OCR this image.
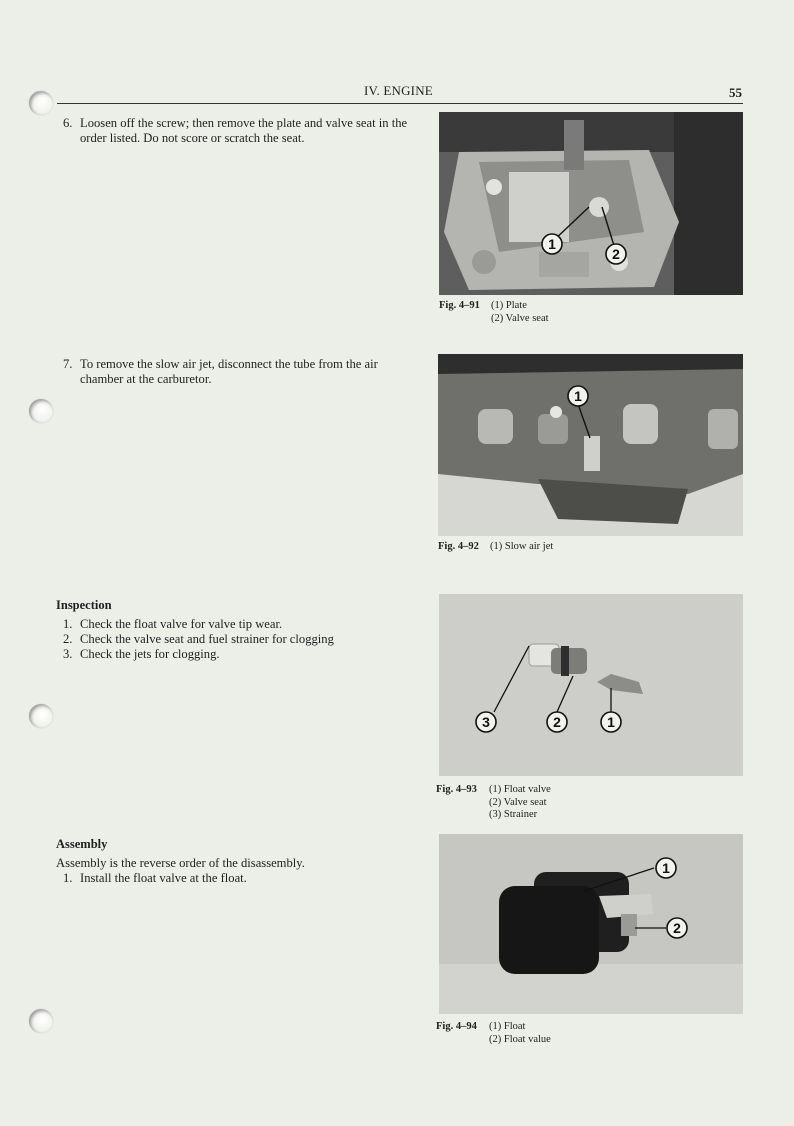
IV. ENGINE	55
6. Loosen off the screw; then remove the plate and valve seat in the order listed. Do not score or scratch the seat.
7. To remove the slow air jet, disconnect the tube from the air chamber at the carburetor.
Inspection
1. Check the float valve for valve tip wear.
2. Check the valve seat and fuel strainer for clogging
3. Check the jets for clogging.
Assembly
Assembly is the reverse order of the disassembly.
1. Install the float valve at the float.
1
2
Fig. 4–91 (1) Plate
(2) Valve seat
1
Fig. 4–92 (1) Slow air jet
3	2	1
Fig. 4–93 (1) Float valve
(2) Valve seat
(3) Strainer
1
2
Fig. 4–94 (1) Float
(2) Float value
